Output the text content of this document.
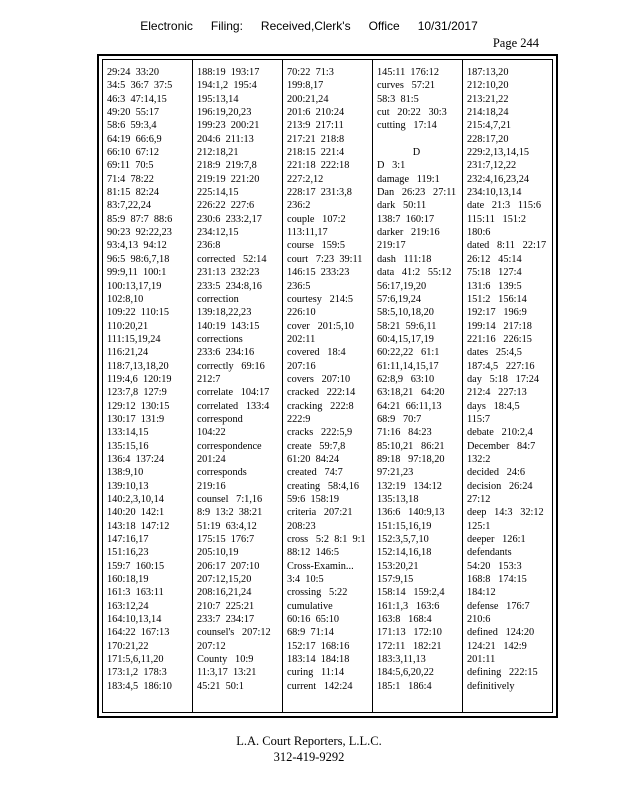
Electronic Filing: Received,Clerk's Office 10/31/2017
Page 244
29:24  33:20
34:5  36:7  37:5
46:3  47:14,15
49:20  55:17
58:6  59:3,4
64:19  66:6,9
66:10  67:12
69:11  70:5
71:4  78:22
81:15  82:24
83:7,22,24
85:9  87:7  88:6
90:23  92:22,23
93:4,13  94:12
96:5  98:6,7,18
99:9,11  100:1
100:13,17,19
102:8,10
109:22  110:15
110:20,21
111:15,19,24
116:21,24
118:7,13,18,20
119:4,6  120:19
123:7,8  127:9
129:12  130:15
130:17  131:9
133:14,15
135:15,16
136:4  137:24
138:9,10
139:10,13
140:2,3,10,14
140:20  142:1
143:18  147:12
147:16,17
151:16,23
159:7  160:15
160:18,19
161:3  163:11
163:12,24
164:10,13,14
164:22  167:13
170:21,22
171:5,6,11,20
173:1,2  178:3
183:4,5  186:10
188:19  193:17
194:1,2  195:4
195:13,14
196:19,20,23
199:23  200:21
204:6  211:13
212:18,21
218:9  219:7,8
219:19  221:20
225:14,15
226:22  227:6
230:6  233:2,17
234:12,15
236:8
corrected   52:14
231:13  232:23
233:5  234:8,16
correction
139:18,22,23
140:19  143:15
corrections
233:6  234:16
correctly   69:16
212:7
correlate   104:17
correlated   133:4
correspond
104:22
correspondence
201:24
corresponds
219:16
counsel   7:1,16
8:9  13:2  38:21
51:19  63:4,12
175:15  176:7
205:10,19
206:17  207:10
207:12,15,20
208:16,21,24
210:7  225:21
233:7  234:17
counsel's   207:12
207:12
County   10:9
11:3,17  13:21
45:21  50:1
70:22  71:3
199:8,17
200:21,24
201:6  210:24
213:9  217:11
217:21  218:8
218:15  221:4
221:18  222:18
227:2,12
228:17  231:3,8
236:2
couple   107:2
113:11,17
course   159:5
court   7:23  39:11
146:15  233:23
236:5
courtesy   214:5
226:10
cover   201:5,10
202:11
covered   18:4
207:16
covers   207:10
cracked   222:14
cracking   222:8
222:9
cracks   222:5,9
create   59:7,8
61:20  84:24
created   74:7
creating   58:4,16
59:6  158:19
criteria   207:21
208:23
cross   5:2  8:1  9:1
88:12  146:5
Cross-Examin...
3:4  10:5
crossing   5:22
cumulative
60:16  65:10
68:9  71:14
152:17  168:16
183:14  184:18
curing   11:14
current   142:24
145:11  176:12
curves   57:21
58:3  81:5
cut   20:22   30:3
cutting   17:14
D
D   3:1
damage   119:1
Dan   26:23   27:11
dark   50:11
138:7  160:17
darker   219:16
219:17
dash   111:18
data   41:2   55:12
56:17,19,20
57:6,19,24
58:5,10,18,20
58:21  59:6,11
60:4,15,17,19
60:22,22   61:1
61:11,14,15,17
62:8,9   63:10
63:18,21   64:20
64:21  66:11,13
68:9   70:7
71:16   84:23
85:10,21   86:21
89:18   97:18,20
97:21,23
132:19   134:12
135:13,18
136:6   140:9,13
151:15,16,19
152:3,5,7,10
152:14,16,18
153:20,21
157:9,15
158:14   159:2,4
161:1,3   163:6
163:8   168:4
171:13   172:10
172:11   182:21
183:3,11,13
184:5,6,20,22
185:1   186:4
187:13,20
212:10,20
213:21,22
214:18,24
215:4,7,21
228:17,20
229:2,13,14,15
231:7,12,22
232:4,16,23,24
234:10,13,14
date   21:3   115:6
115:11   151:2
180:6
dated   8:11   22:17
26:12   45:14
75:18   127:4
131:6   139:5
151:2   156:14
192:17   196:9
199:14   217:18
221:16   226:15
dates   25:4,5
187:4,5   227:16
day   5:18   17:24
212:4   227:13
days   18:4,5
115:7
debate   210:2,4
December   84:7
132:2
decided   24:6
decision   26:24
27:12
deep   14:3   32:12
125:1
deeper   126:1
defendants
54:20   153:3
168:8   174:15
184:12
defense   176:7
210:6
defined   124:20
124:21   142:9
201:11
defining   222:15
definitively
L.A. Court Reporters, L.L.C.
312-419-9292
